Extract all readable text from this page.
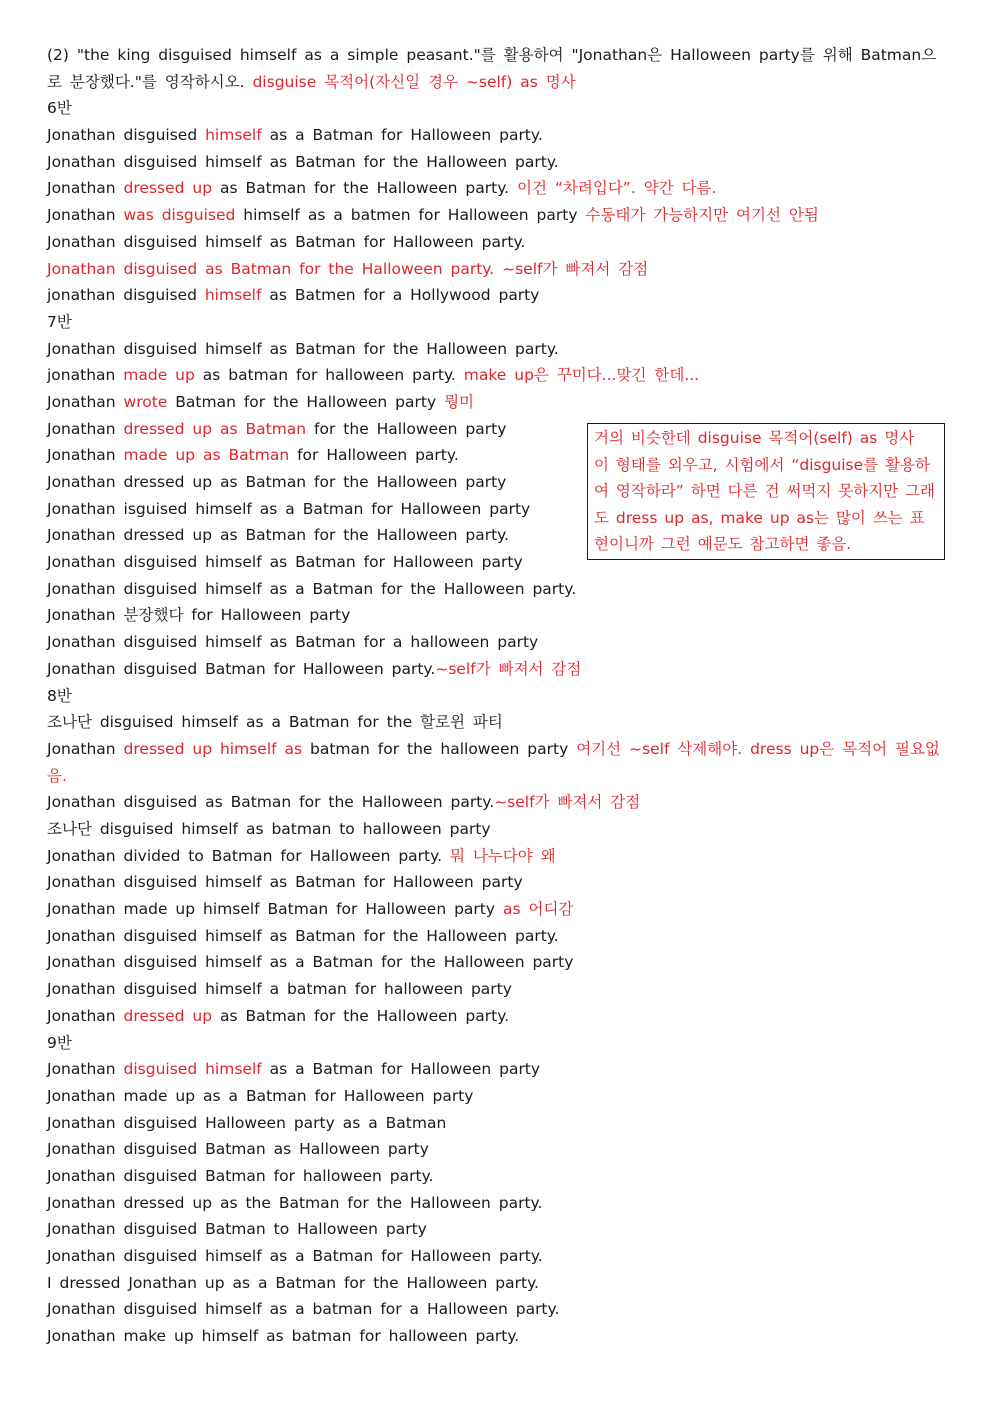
(2) "the king disguised himself as a simple peasant."를 활용하여 "Jonathan은 Halloween party를 위해 Batman으로 분장했다."를 영작하시오. disguise 목적어(자신일 경우 ~self) as 명사

6반
Jonathan disguised himself as a Batman for Halloween party.
Jonathan disguised himself as Batman for the Halloween party.
Jonathan dressed up as Batman for the Halloween party. 이건 “차려입다”. 약간 다름.
Jonathan was disguised himself as a batmen for Halloween party 수동태가 가능하지만 여기선 안됨
Jonathan disguised himself as Batman for Halloween party.
Jonathan disguised as Batman for the Halloween party. ~self가 빠져서 감점
jonathan disguised himself as Batmen for a Hollywood party
7반
Jonathan disguised himself as Batman for the Halloween party.
jonathan made up as batman for halloween party. make up은 꾸미다...맞긴 한데...
Jonathan wrote Batman for the Halloween party 뭥미
Jonathan dressed up as Batman for the Halloween party
Jonathan made up as Batman for Halloween party.
Jonathan dressed up as Batman for the Halloween party
Jonathan isguised himself as a Batman for Halloween party
Jonathan dressed up as Batman for the Halloween party.
Jonathan disguised himself as Batman for Halloween party
Jonathan disguised himself as a Batman for the Halloween party.
Jonathan 분장했다 for Halloween party
Jonathan disguised himself as Batman for a halloween party
Jonathan disguised Batman for Halloween party.~self가 빠져서 감점
8반
조나단 disguised himself as a Batman for the 할로윈 파티

Jonathan dressed up himself as batman for the halloween party 여기선 ~self 삭제해야. dress up은 목적어 필요없음.

Jonathan disguised as Batman for the Halloween party.~self가 빠져서 감점
조나단 disguised himself as batman to halloween party
Jonathan divided to Batman for Halloween party. 뭐 나누다야 왜
Jonathan disguised himself as Batman for Halloween party
Jonathan made up himself Batman for Halloween party as 어디감
Jonathan disguised himself as Batman for the Halloween party.
Jonathan disguised himself as a Batman for the Halloween party
Jonathan disguised himself a batman for halloween party
Jonathan dressed up as Batman for the Halloween party.
9반
Jonathan disguised himself as a Batman for Halloween party
Jonathan made up as a Batman for Halloween party
Jonathan disguised Halloween party as a Batman
Jonathan disguised Batman as Halloween party
Jonathan disguised Batman for halloween party.
Jonathan dressed up as the Batman for the Halloween party.
Jonathan disguised Batman to Halloween party
Jonathan disguised himself as a Batman for Halloween party.
I dressed Jonathan up as a Batman for the Halloween party.
Jonathan disguised himself as a batman for a Halloween party.
Jonathan make up himself as batman for halloween party.
거의 비슷한데 disguise 목적어(self) as 명사 이 형태를 외우고, 시험에서 “disguise를 활용하여 영작하라” 하면 다른 건 써먹지 못하지만 그래도 dress up as, make up as는 많이 쓰는 표현이니까 그런 예문도 참고하면 좋음.
